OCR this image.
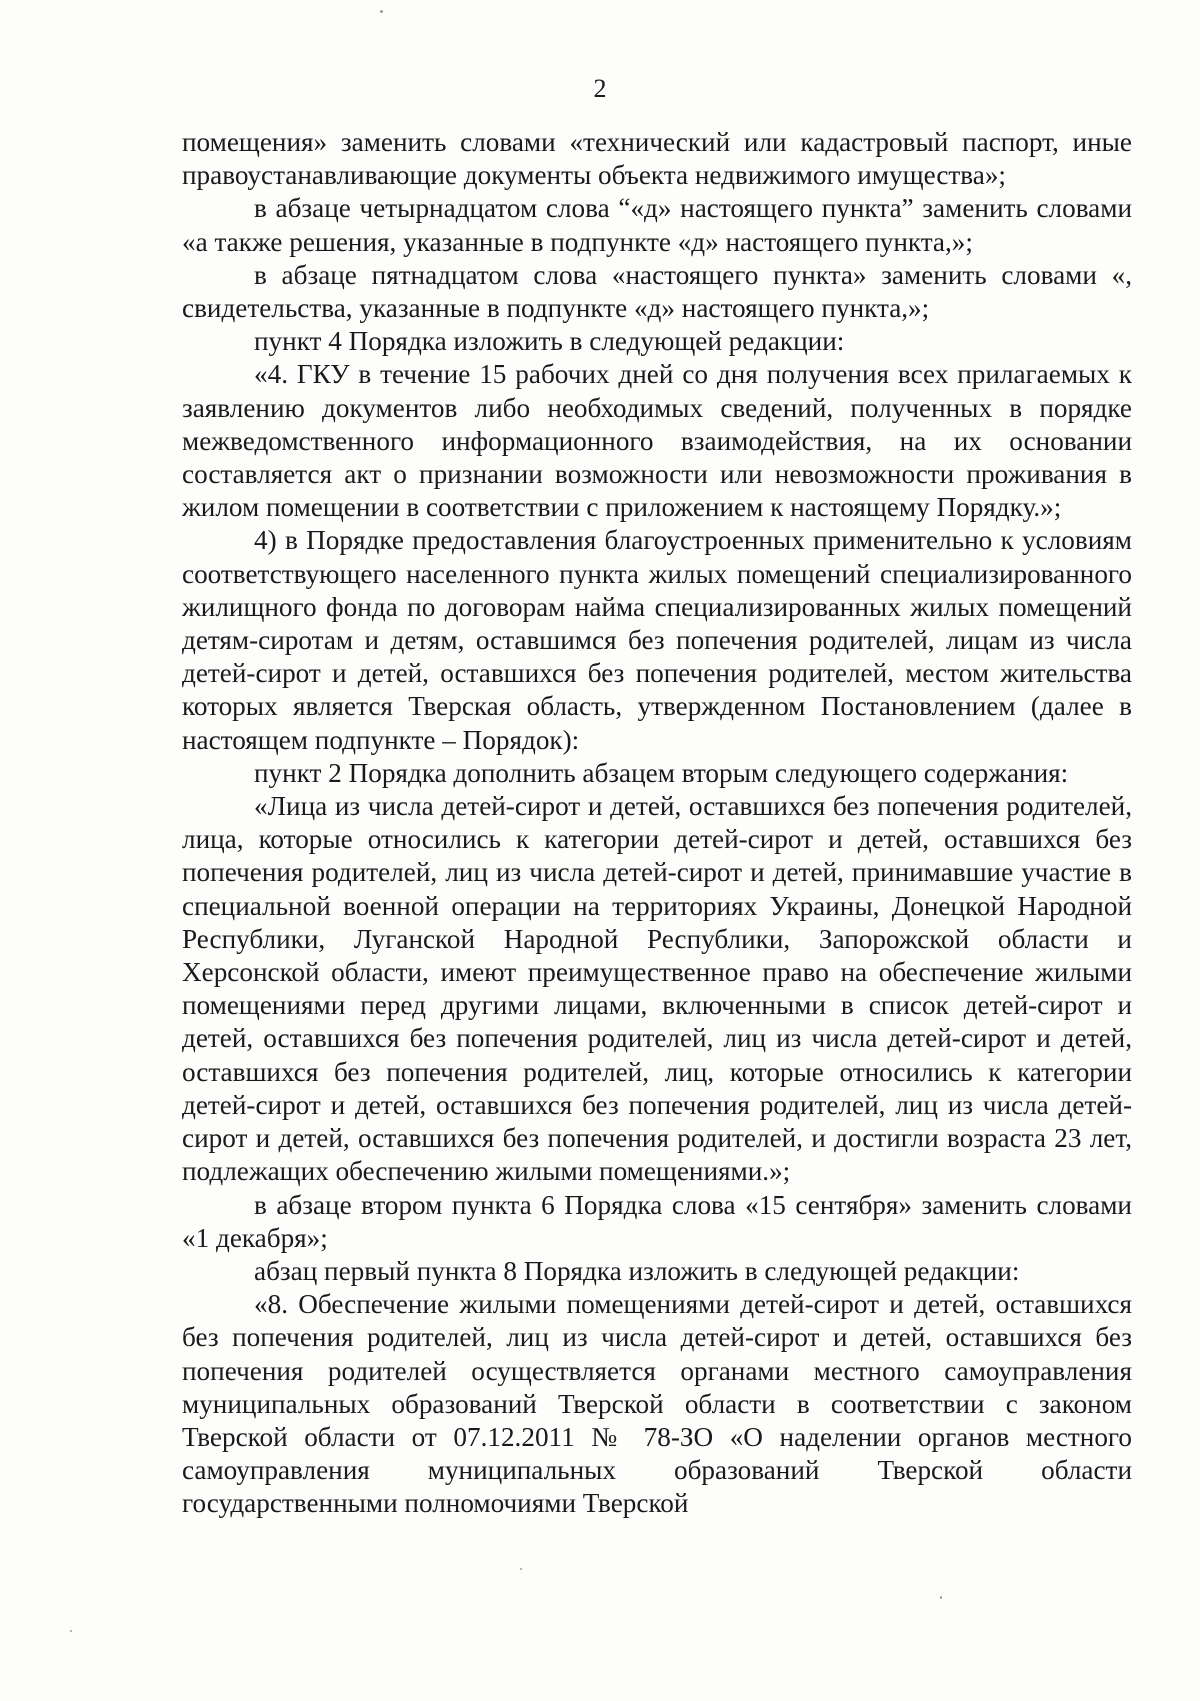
2

помещения» заменить словами «технический или кадастровый паспорт, иные правоустанавливающие документы объекта недвижимого имущества»;

в абзаце четырнадцатом слова “«д» настоящего пункта” заменить словами «а также решения, указанные в подпункте «д» настоящего пункта,»;

в абзаце пятнадцатом слова «настоящего пункта» заменить словами «, свидетельства, указанные в подпункте «д» настоящего пункта,»;

пункт 4 Порядка изложить в следующей редакции:

«4. ГКУ в течение 15 рабочих дней со дня получения всех прилагаемых к заявлению документов либо необходимых сведений, полученных в порядке межведомственного информационного взаимодействия, на их основании составляется акт о признании возможности или невозможности проживания в жилом помещении в соответствии с приложением к настоящему Порядку.»;

4) в Порядке предоставления благоустроенных применительно к условиям соответствующего населенного пункта жилых помещений специализированного жилищного фонда по договорам найма специализированных жилых помещений детям-сиротам и детям, оставшимся без попечения родителей, лицам из числа детей-сирот и детей, оставшихся без попечения родителей, местом жительства которых является Тверская область, утвержденном Постановлением (далее в настоящем подпункте – Порядок):

пункт 2 Порядка дополнить абзацем вторым следующего содержания:

«Лица из числа детей-сирот и детей, оставшихся без попечения родителей, лица, которые относились к категории детей-сирот и детей, оставшихся без попечения родителей, лиц из числа детей-сирот и детей, принимавшие участие в специальной военной операции на территориях Украины, Донецкой Народной Республики, Луганской Народной Республики, Запорожской области и Херсонской области, имеют преимущественное право на обеспечение жилыми помещениями перед другими лицами, включенными в список детей-сирот и детей, оставшихся без попечения родителей, лиц из числа детей-сирот и детей, оставшихся без попечения родителей, лиц, которые относились к категории детей-сирот и детей, оставшихся без попечения родителей, лиц из числа детей-сирот и детей, оставшихся без попечения родителей, и достигли возраста 23 лет, подлежащих обеспечению жилыми помещениями.»;

в абзаце втором пункта 6 Порядка слова «15 сентября» заменить словами «1 декабря»;

абзац первый пункта 8 Порядка изложить в следующей редакции:

«8. Обеспечение жилыми помещениями детей-сирот и детей, оставшихся без попечения родителей, лиц из числа детей-сирот и детей, оставшихся без попечения родителей осуществляется органами местного самоуправления муниципальных образований Тверской области в соответствии с законом Тверской области от 07.12.2011 № 78-ЗО «О наделении органов местного самоуправления муниципальных образований Тверской области государственными полномочиями Тверской
